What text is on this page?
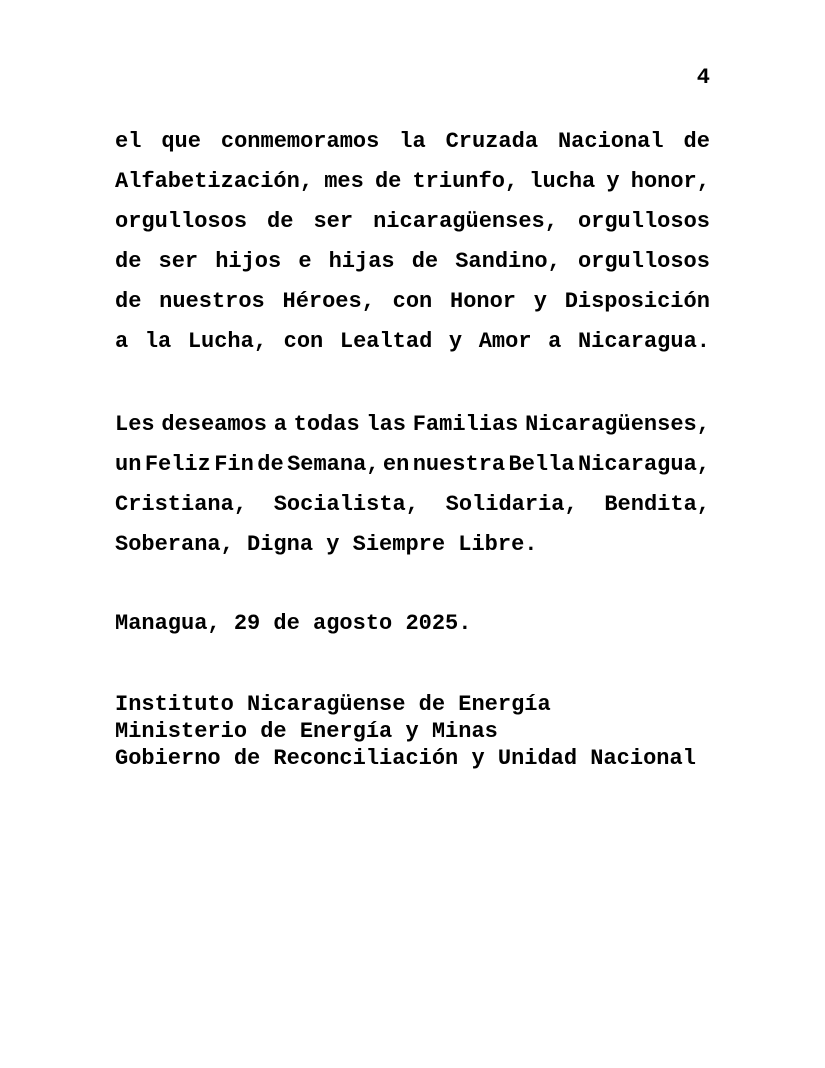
4
el que conmemoramos la Cruzada Nacional de
Alfabetización, mes de triunfo, lucha y honor,
orgullosos de ser nicaragüenses, orgullosos
de ser hijos e hijas de Sandino, orgullosos
de nuestros Héroes, con Honor y Disposición
a la Lucha, con Lealtad y Amor a Nicaragua.
Les deseamos a todas las Familias Nicaragüenses,
un Feliz Fin de Semana, en nuestra Bella Nicaragua,
Cristiana, Socialista, Solidaria, Bendita,
Soberana, Digna y Siempre Libre.
Managua, 29 de agosto 2025.
Instituto Nicaragüense de Energía
Ministerio de Energía y Minas
Gobierno de Reconciliación y Unidad Nacional
